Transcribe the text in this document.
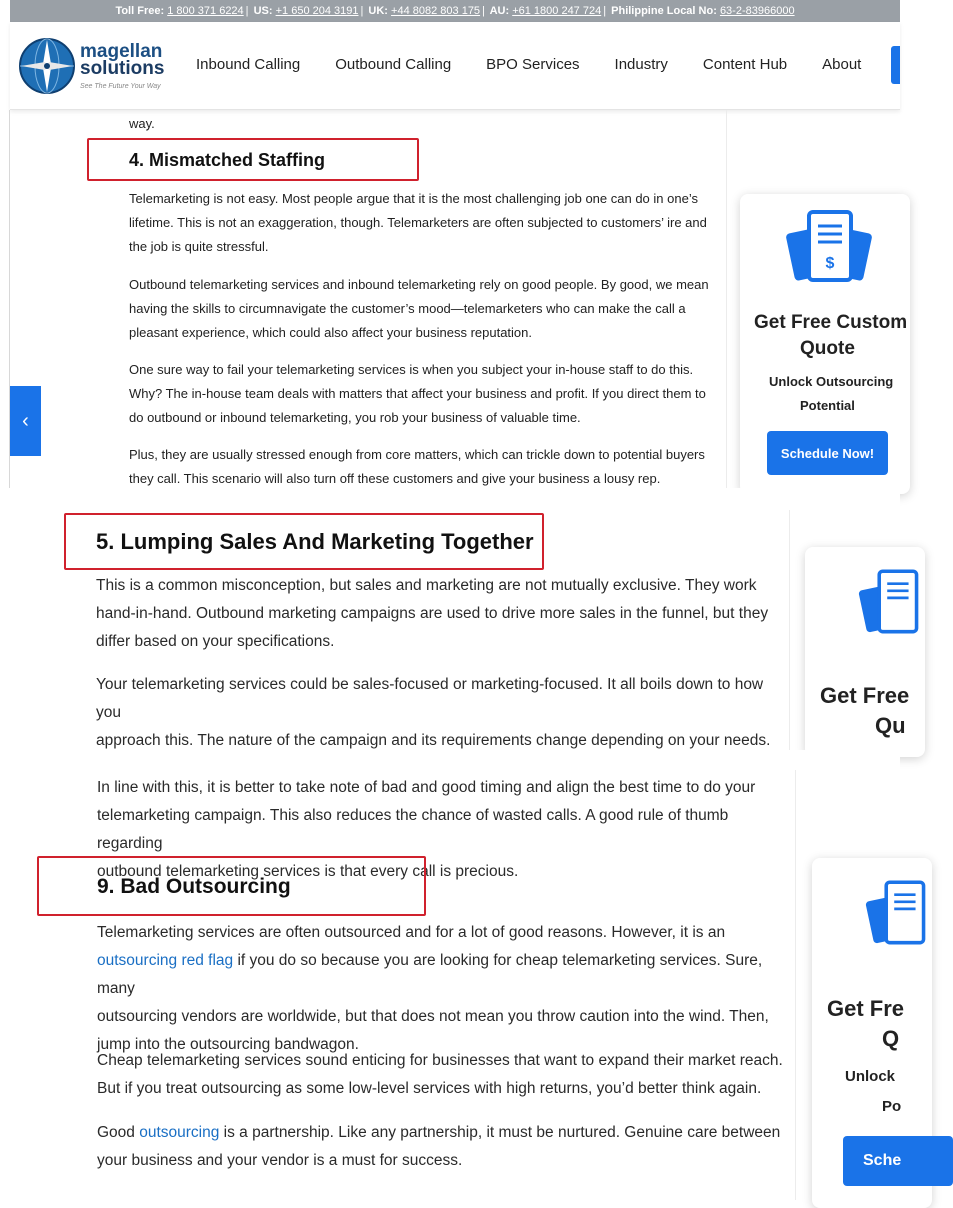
Toll Free: 1 800 371 6224 | US: +1 650 204 3191 | UK: +44 8082 803 175 | AU: +61 1800 247 724 | Philippine Local No: 63-2-83966000
magellan
solutions
See The Future Your Way
Inbound Calling Outbound Calling BPO Services Industry Content Hub About
‹
way.
4. Mismatched Staffing
Telemarketing is not easy. Most people argue that it is the most challenging job one can do in one’s
lifetime. This is not an exaggeration, though. Telemarketers are often subjected to customers’ ire and
the job is quite stressful.
Outbound telemarketing services and inbound telemarketing rely on good people. By good, we mean
having the skills to circumnavigate the customer’s mood—telemarketers who can make the call a
pleasant experience, which could also affect your business reputation.
One sure way to fail your telemarketing services is when you subject your in-house staff to do this.
Why? The in-house team deals with matters that affect your business and profit. If you direct them to
do outbound or inbound telemarketing, you rob your business of valuable time.
Plus, they are usually stressed enough from core matters, which can trickle down to potential buyers
they call. This scenario will also turn off these customers and give your business a lousy rep.
$
Get Free Custom
Quote
Unlock Outsourcing
Potential
Schedule Now!
5. Lumping Sales And Marketing Together
This is a common misconception, but sales and marketing are not mutually exclusive. They work
hand-in-hand. Outbound marketing campaigns are used to drive more sales in the funnel, but they
differ based on your specifications.
Your telemarketing services could be sales-focused or marketing-focused. It all boils down to how you
approach this. The nature of the campaign and its requirements change depending on your needs.
Get Free
Qu
In line with this, it is better to take note of bad and good timing and align the best time to do your
telemarketing campaign. This also reduces the chance of wasted calls. A good rule of thumb regarding
outbound telemarketing services is that every call is precious.
9. Bad Outsourcing
Telemarketing services are often outsourced and for a lot of good reasons. However, it is an
outsourcing red flag if you do so because you are looking for cheap telemarketing services. Sure, many
outsourcing vendors are worldwide, but that does not mean you throw caution into the wind. Then,
jump into the outsourcing bandwagon.
Cheap telemarketing services sound enticing for businesses that want to expand their market reach.
But if you treat outsourcing as some low-level services with high returns, you’d better think again.
Good outsourcing is a partnership. Like any partnership, it must be nurtured. Genuine care between
your business and your vendor is a must for success.
Get Fre
Q
Unlock
Po
Sche
